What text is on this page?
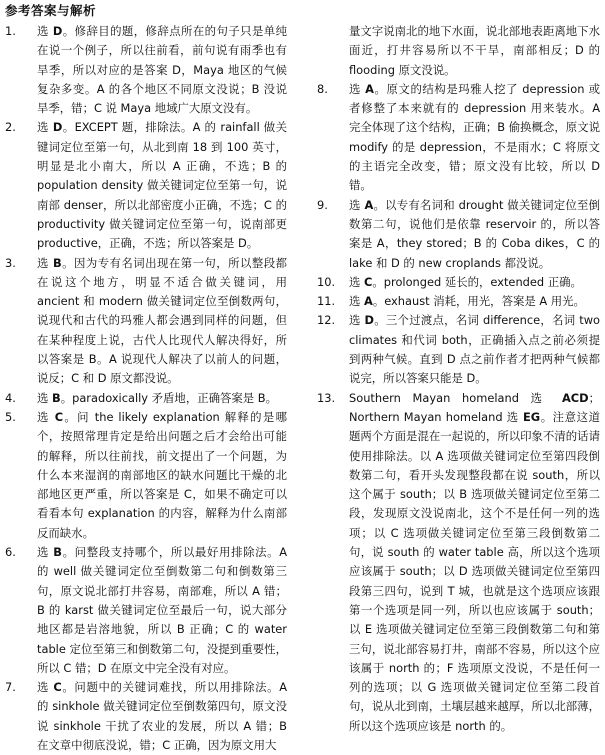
参考答案与解析

1.	选 D。修辞目的题，修辞点所在的句子只是单纯在说一个例子，所以往前看，前句说有雨季也有旱季，所以对应的是答案 D，Maya 地区的气候复杂多变。A 的各个地区不同原文没说；B 没说旱季，错；C 说 Maya 地域广大原文没有。

2.	选 D。EXCEPT 题，排除法。A 的 rainfall 做关键词定位至第一句，从北到南 18 到 100 英寸，明显是北小南大，所以 A 正确，不选；B 的 population density 做关键词定位至第一句，说南部 denser，所以北部密度小正确，不选；C 的 productivity 做关键词定位至第一句，说南部更 productive，正确，不选；所以答案是 D。

3.	选 B。因为专有名词出现在第一句，所以整段都在说这个地方，明显不适合做关键词，用 ancient 和 modern 做关键词定位至倒数两句，说现代和古代的玛雅人都会遇到同样的问题，但在某种程度上说，古代人比现代人解决得好，所以答案是 B。A 说现代人解决了以前人的问题，说反；C 和 D 原文都没说。

4.	选 B。paradoxically 矛盾地，正确答案是 B。

5.	选 C。问 the likely explanation 解释的是哪个，按照常理肯定是给出问题之后才会给出可能的解释，所以往前找，前文提出了一个问题，为什么本来湿润的南部地区的缺水问题比干燥的北部地区更严重，所以答案是 C，如果不确定可以看看本句 explanation 的内容，解释为什么南部反而缺水。

6.	选 B。问整段支持哪个，所以最好用排除法。A 的 well 做关键词定位至倒数第二句和倒数第三句，原文说北部打井容易，南部难，所以 A 错；B 的 karst 做关键词定位至最后一句，说大部分地区都是岩溶地貌，所以 B 正确；C 的 water table 定位至第三和倒数第二句，没提到重要性，所以 C 错；D 在原文中完全没有对应。

7.	选 C。问题中的关键词难找，所以用排除法。A 的 sinkhole 做关键词定位至倒数第四句，原文没说 sinkhole 干扰了农业的发展，所以 A 错；B 在文章中彻底没说，错；C 正确，因为原文用大

量文字说南北的地下水面，说北部地表距离地下水面近，打井容易所以不干旱，南部相反；D 的 flooding 原文没说。

8.	选 A。原文的结构是玛雅人挖了 depression 或者修整了本来就有的 depression 用来装水。A 完全体现了这个结构，正确；B 偷换概念，原文说 modify 的是 depression，不是雨水；C 将原文的主语完全改变，错；原文没有比较，所以 D 错。

9.	选 A。以专有名词和 drought 做关键词定位至倒数第二句，说他们是依靠 reservoir 的，所以答案是 A，they stored；B 的 Coba dikes，C 的 lake 和 D 的 new croplands 都没说。

10.	选 C。prolonged 延长的，extended 正确。

11.	选 A。exhaust 消耗，用光，答案是 A 用光。

12.	选 D。三个过渡点，名词 difference，名词 two climates 和代词 both，正确插入点之前必须提到两种气候。直到 D 点之前作者才把两种气候都说完，所以答案只能是 D。

13.	Southern Mayan homeland 选 ACD；Northern Mayan homeland 选 EG。注意这道题两个方面是混在一起说的，所以印象不清的话请使用排除法。以 A 选项做关键词定位至第四段倒数第二句，看开头发现整段都在说 south，所以这个属于 south；以 B 选项做关键词定位至第二段，发现原文没说南北，这个不是任何一列的选项；以 C 选项做关键词定位至第三段倒数第二句，说 south 的 water table 高，所以这个选项应该属于 south；以 D 选项做关键词定位至第四段第三四句，说到 T 城，也就是这个选项应该跟第一个选项是同一列，所以也应该属于 south；以 E 选项做关键词定位至第三段倒数第二句和第三句，说北部容易打井，南部不容易，所以这个应该属于 north 的；F 选项原文没说，不是任何一列的选项；以 G 选项做关键词定位至第二段首句，说从北到南，土壤层越来越厚，所以北部薄，所以这个选项应该是 north 的。
